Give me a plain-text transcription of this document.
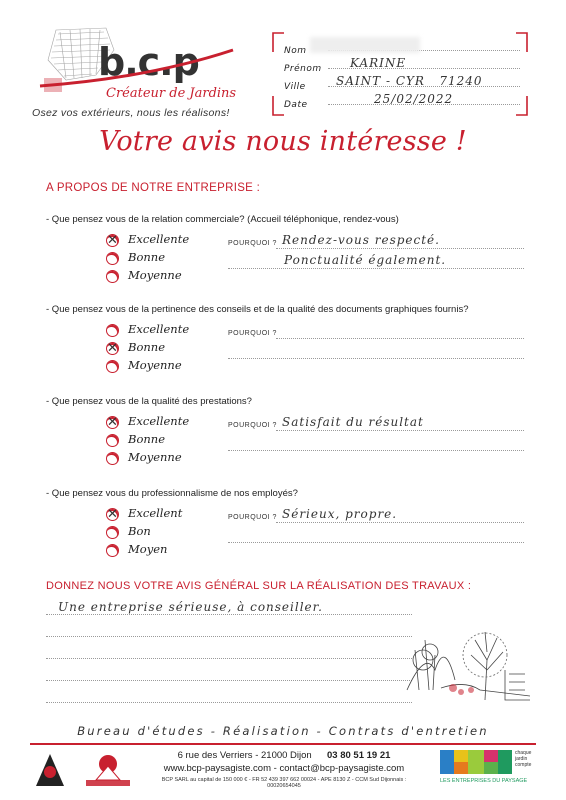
b.c.p
Créateur de Jardins
Osez vos extérieurs, nous les réalisons!
Nom
Prénom KARINE
Ville	SAINT - CYR   71240
Date	25/02/2022
Votre avis nous intéresse !
A PROPOS DE NOTRE ENTREPRISE :
- Que pensez vous de la relation commerciale? (Accueil téléphonique, rendez-vous)
✕ Excellente
Bonne
Moyenne
POURQUOI ? Rendez-vous respecté.
Ponctualité également.
- Que pensez vous de la pertinence des conseils et de la qualité des documents graphiques fournis?
Excellente
✕ Bonne
Moyenne
POURQUOI ?
- Que pensez vous de la qualité des prestations?
✕ Excellente
Bonne
Moyenne
POURQUOI ? Satisfait du résultat
- Que pensez vous du professionnalisme de nos employés?
✕ Excellent
Bon
Moyen
POURQUOI ? Sérieux, propre.
DONNEZ NOUS VOTRE AVIS GÉNÉRAL SUR LA RÉALISATION DES TRAVAUX :
Une entreprise sérieuse, à conseiller.
Bureau d'études - Réalisation - Contrats d'entretien
6 rue des Verriers - 21000 Dijon 03 80 51 19 21
www.bcp-paysagiste.com - contact@bcp-paysagiste.com
BCP SARL au capital de 150 000 € - FR 52 439 397 662 00024 - APE 8130 Z - CCM Sud Dijonnais : 00020654045
chaque jardin compte
LES ENTREPRISES DU PAYSAGE
